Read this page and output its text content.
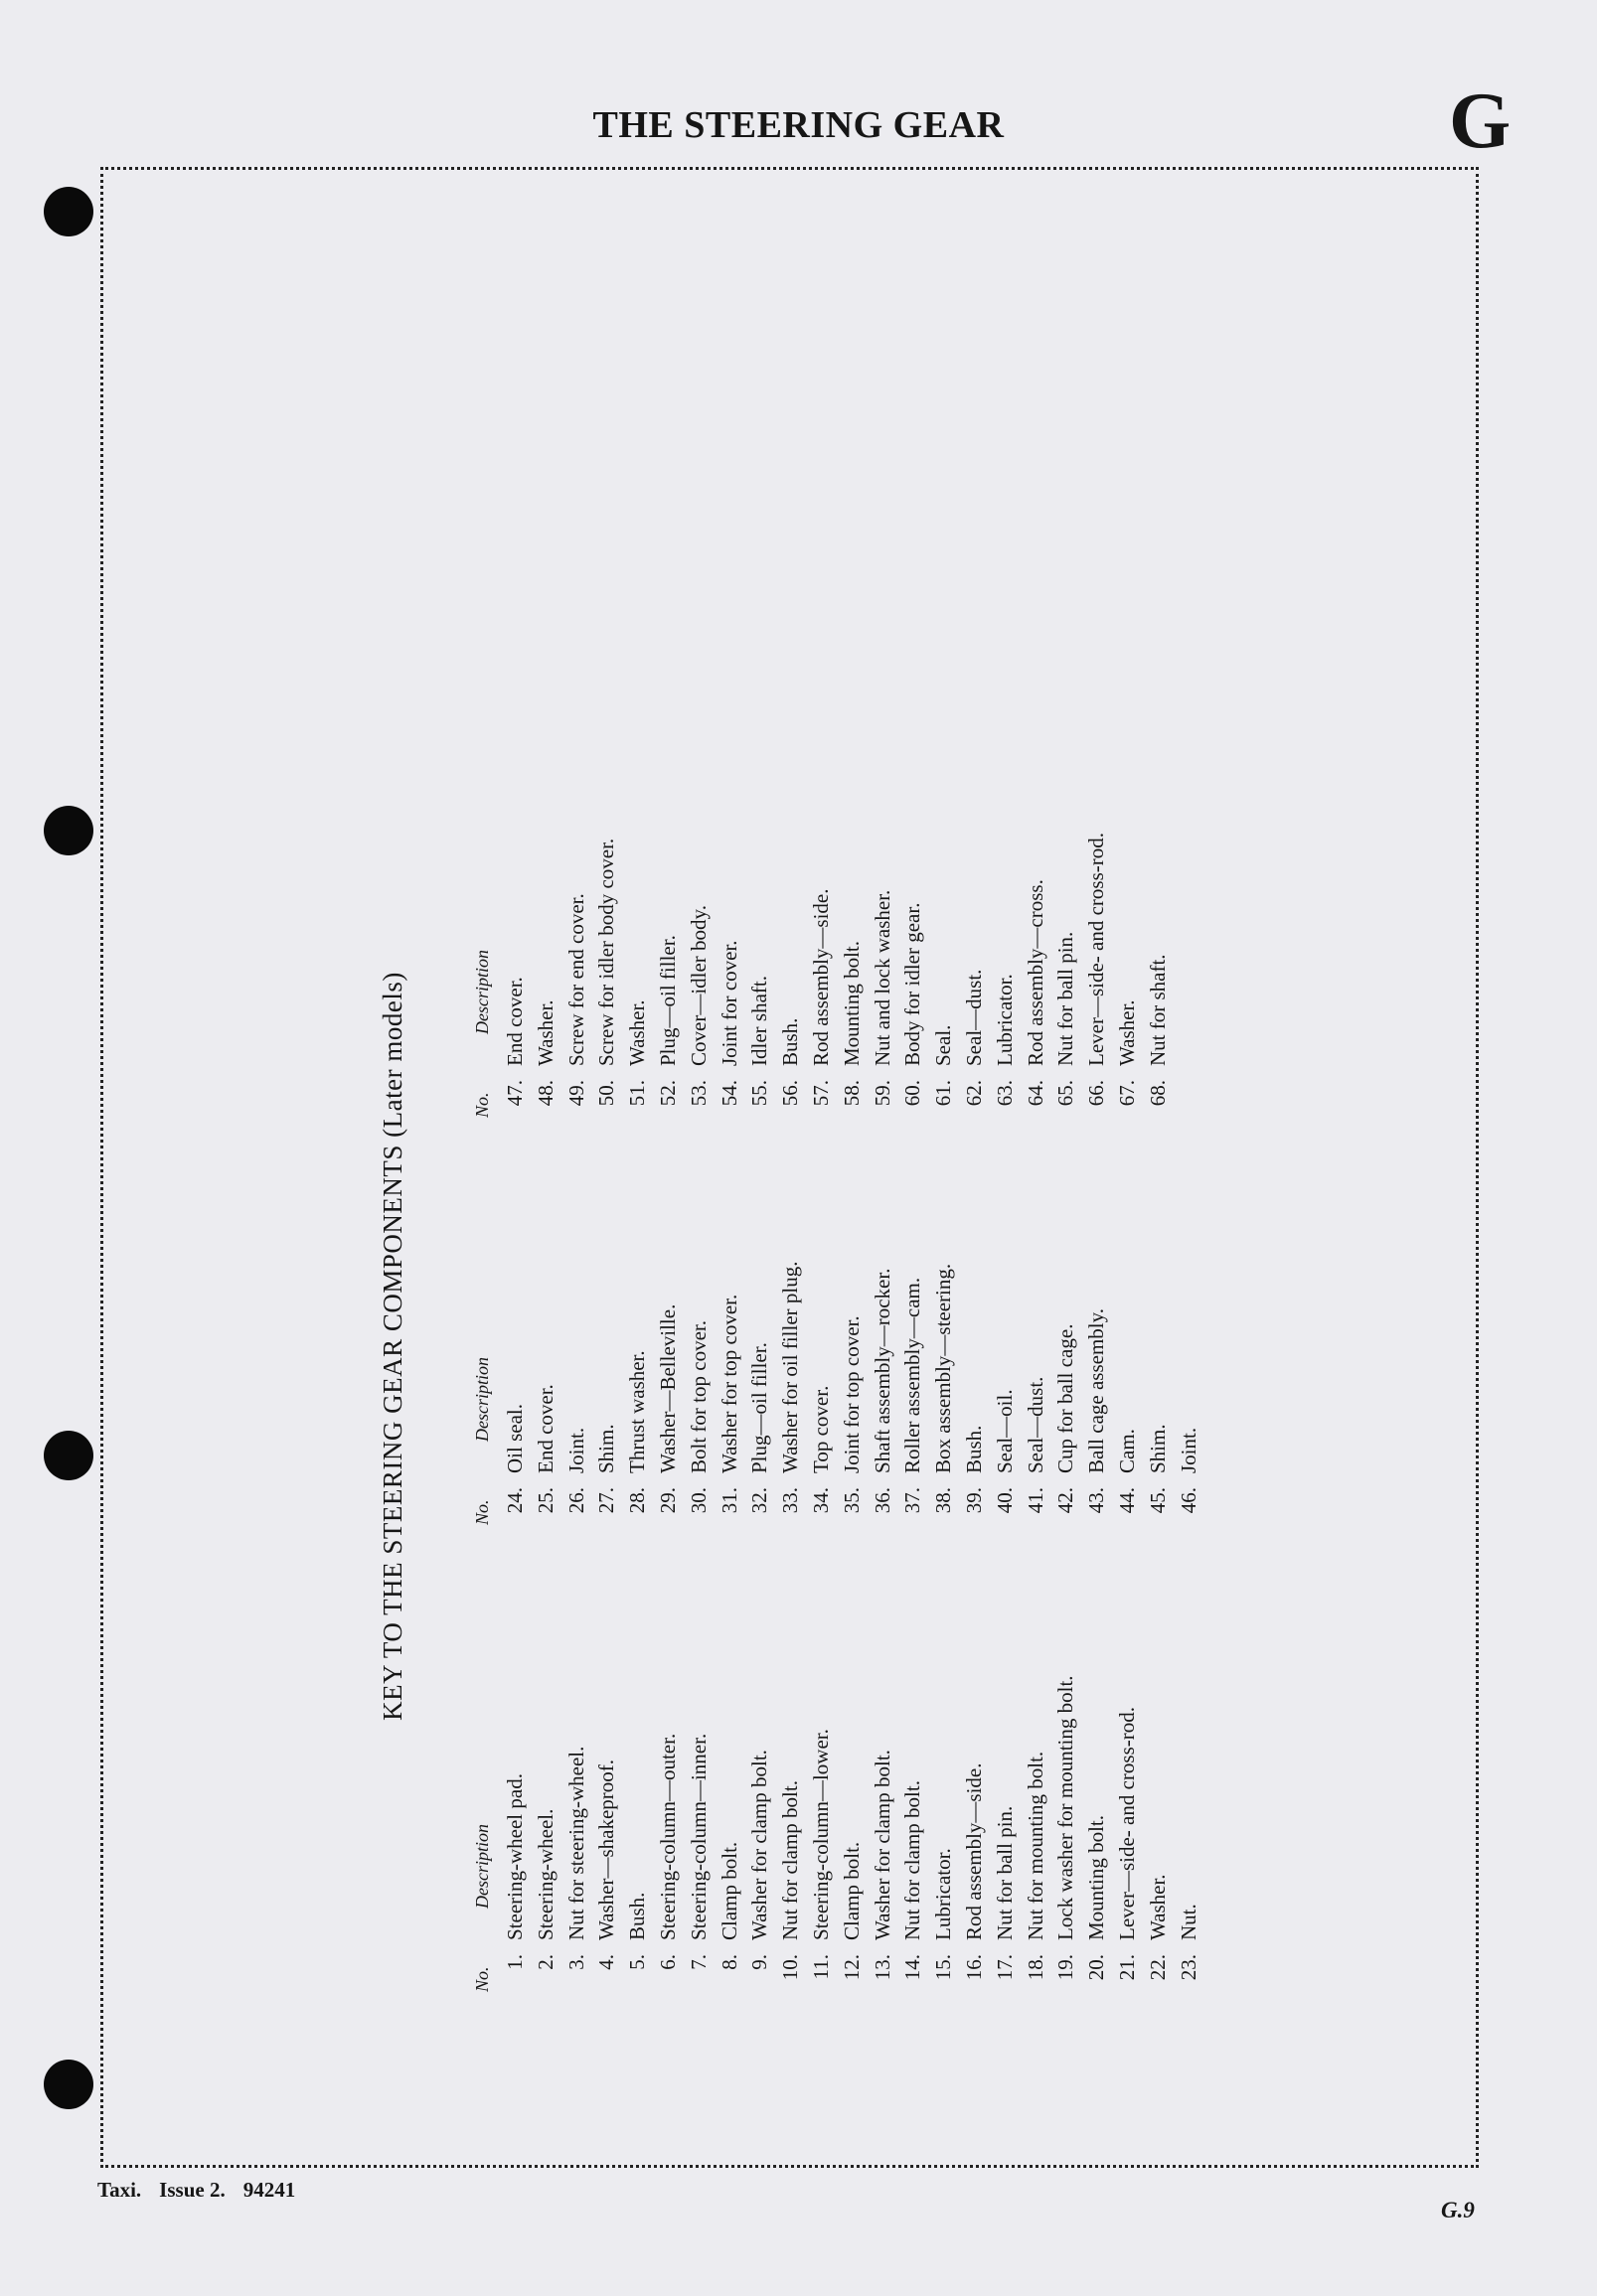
THE STEERING GEAR	G
KEY TO THE STEERING GEAR COMPONENTS (Later models)
No.
Description
1.
Steering-wheel pad.
2.
Steering-wheel.
3.
Nut for steering-wheel.
4.
Washer—shakeproof.
5.
Bush.
6.
Steering-column—outer.
7.
Steering-column—inner.
8.
Clamp bolt.
9.
Washer for clamp bolt.
10.
Nut for clamp bolt.
11.
Steering-column—lower.
12.
Clamp bolt.
13.
Washer for clamp bolt.
14.
Nut for clamp bolt.
15.
Lubricator.
16.
Rod assembly—side.
17.
Nut for ball pin.
18.
Nut for mounting bolt.
19.
Lock washer for mounting bolt.
20.
Mounting bolt.
21.
Lever—side- and cross-rod.
22.
Washer.
23.
Nut.
No.
Description
24.
Oil seal.
25.
End cover.
26.
Joint.
27.
Shim.
28.
Thrust washer.
29.
Washer—Belleville.
30.
Bolt for top cover.
31.
Washer for top cover.
32.
Plug—oil filler.
33.
Washer for oil filler plug.
34.
Top cover.
35.
Joint for top cover.
36.
Shaft assembly—rocker.
37.
Roller assembly—cam.
38.
Box assembly—steering.
39.
Bush.
40.
Seal—oil.
41.
Seal—dust.
42.
Cup for ball cage.
43.
Ball cage assembly.
44.
Cam.
45.
Shim.
46.
Joint.
No.
Description
47.
End cover.
48.
Washer.
49.
Screw for end cover.
50.
Screw for idler body cover.
51.
Washer.
52.
Plug—oil filler.
53.
Cover—idler body.
54.
Joint for cover.
55.
Idler shaft.
56.
Bush.
57.
Rod assembly—side.
58.
Mounting bolt.
59.
Nut and lock washer.
60.
Body for idler gear.
61.
Seal.
62.
Seal—dust.
63.
Lubricator.
64.
Rod assembly—cross.
65.
Nut for ball pin.
66.
Lever—side- and cross-rod.
67.
Washer.
68.
Nut for shaft.
Taxi. Issue 2. 94241
G.9
